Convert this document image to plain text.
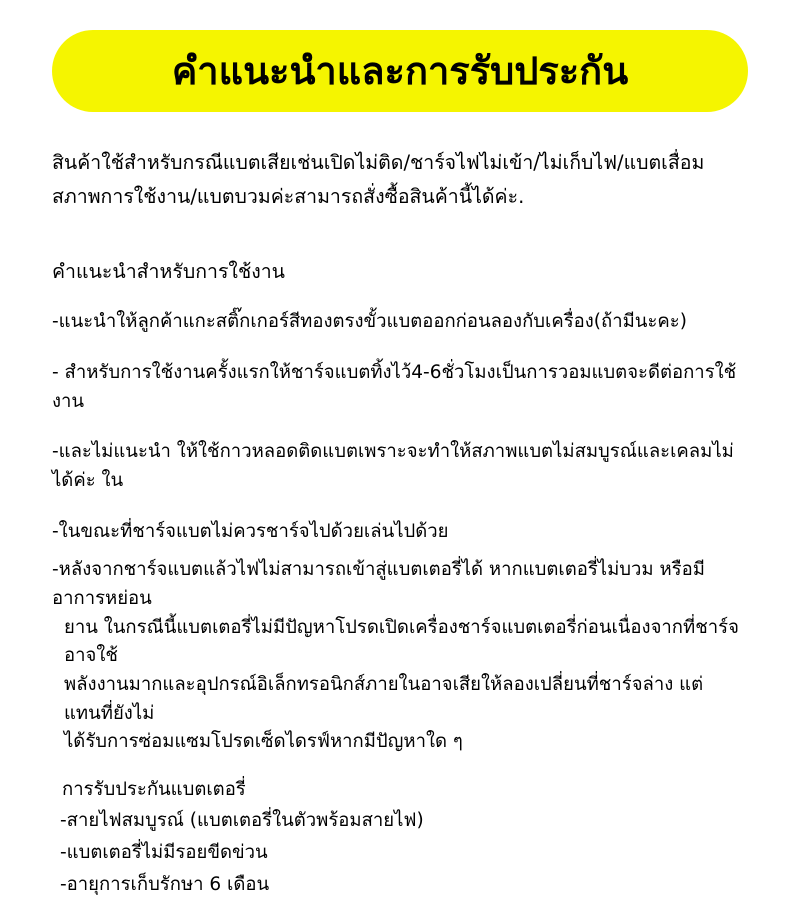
คำแนะนำและการรับประกัน
สินค้าใช้สำหรับกรณีแบตเสียเช่นเปิดไม่ติด/ชาร์จไฟไม่เข้า/ไม่เก็บไฟ/แบตเสื่อมสภาพการใช้งาน/แบตบวมค่ะสามารถสั่งซื้อสินค้านี้ได้ค่ะ.
คำแนะนำสำหรับการใช้งาน
-แนะนำให้ลูกค้าแกะสติ๊กเกอร์สีทองตรงขั้วแบตออกก่อนลองกับเครื่อง(ถ้ามีนะคะ)
- สำหรับการใช้งานครั้งแรกให้ชาร์จแบตทิ้งไว้4-6ชั่วโมงเป็นการวอมแบตจะดีต่อการใช้งาน
-และไม่แนะนำ ให้ใช้กาวหลอดติดแบตเพราะจะทำให้สภาพแบตไม่สมบูรณ์และเคลมไม่ได้ค่ะ ใน
-ในขณะที่ชาร์จแบตไม่ควรชาร์จไปด้วยเล่นไปด้วย
-หลังจากชาร์จแบตแล้วไฟไม่สามารถเข้าสู่แบตเตอรี่ได้ หากแบตเตอรี่ไม่บวม หรือมีอาการหย่อน
ยาน ในกรณีนี้แบตเตอรี่ไม่มีปัญหาโปรดเปิดเครื่องชาร์จแบตเตอรี่ก่อนเนื่องจากที่ชาร์จอาจใช้
พลังงานมากและอุปกรณ์อิเล็กทรอนิกส์ภายในอาจเสียให้ลองเปลี่ยนที่ชาร์จล่าง แต่แทนที่ยังไม่
ได้รับการซ่อมแซมโปรดเซ็ดไดรฟ์หากมีปัญหาใด ๆ
การรับประกันแบตเตอรี่
-สายไฟสมบูรณ์ (แบตเตอรี่ในตัวพร้อมสายไฟ)
-แบตเตอรี่ไม่มีรอยขีดข่วน
-อายุการเก็บรักษา 6 เดือน
